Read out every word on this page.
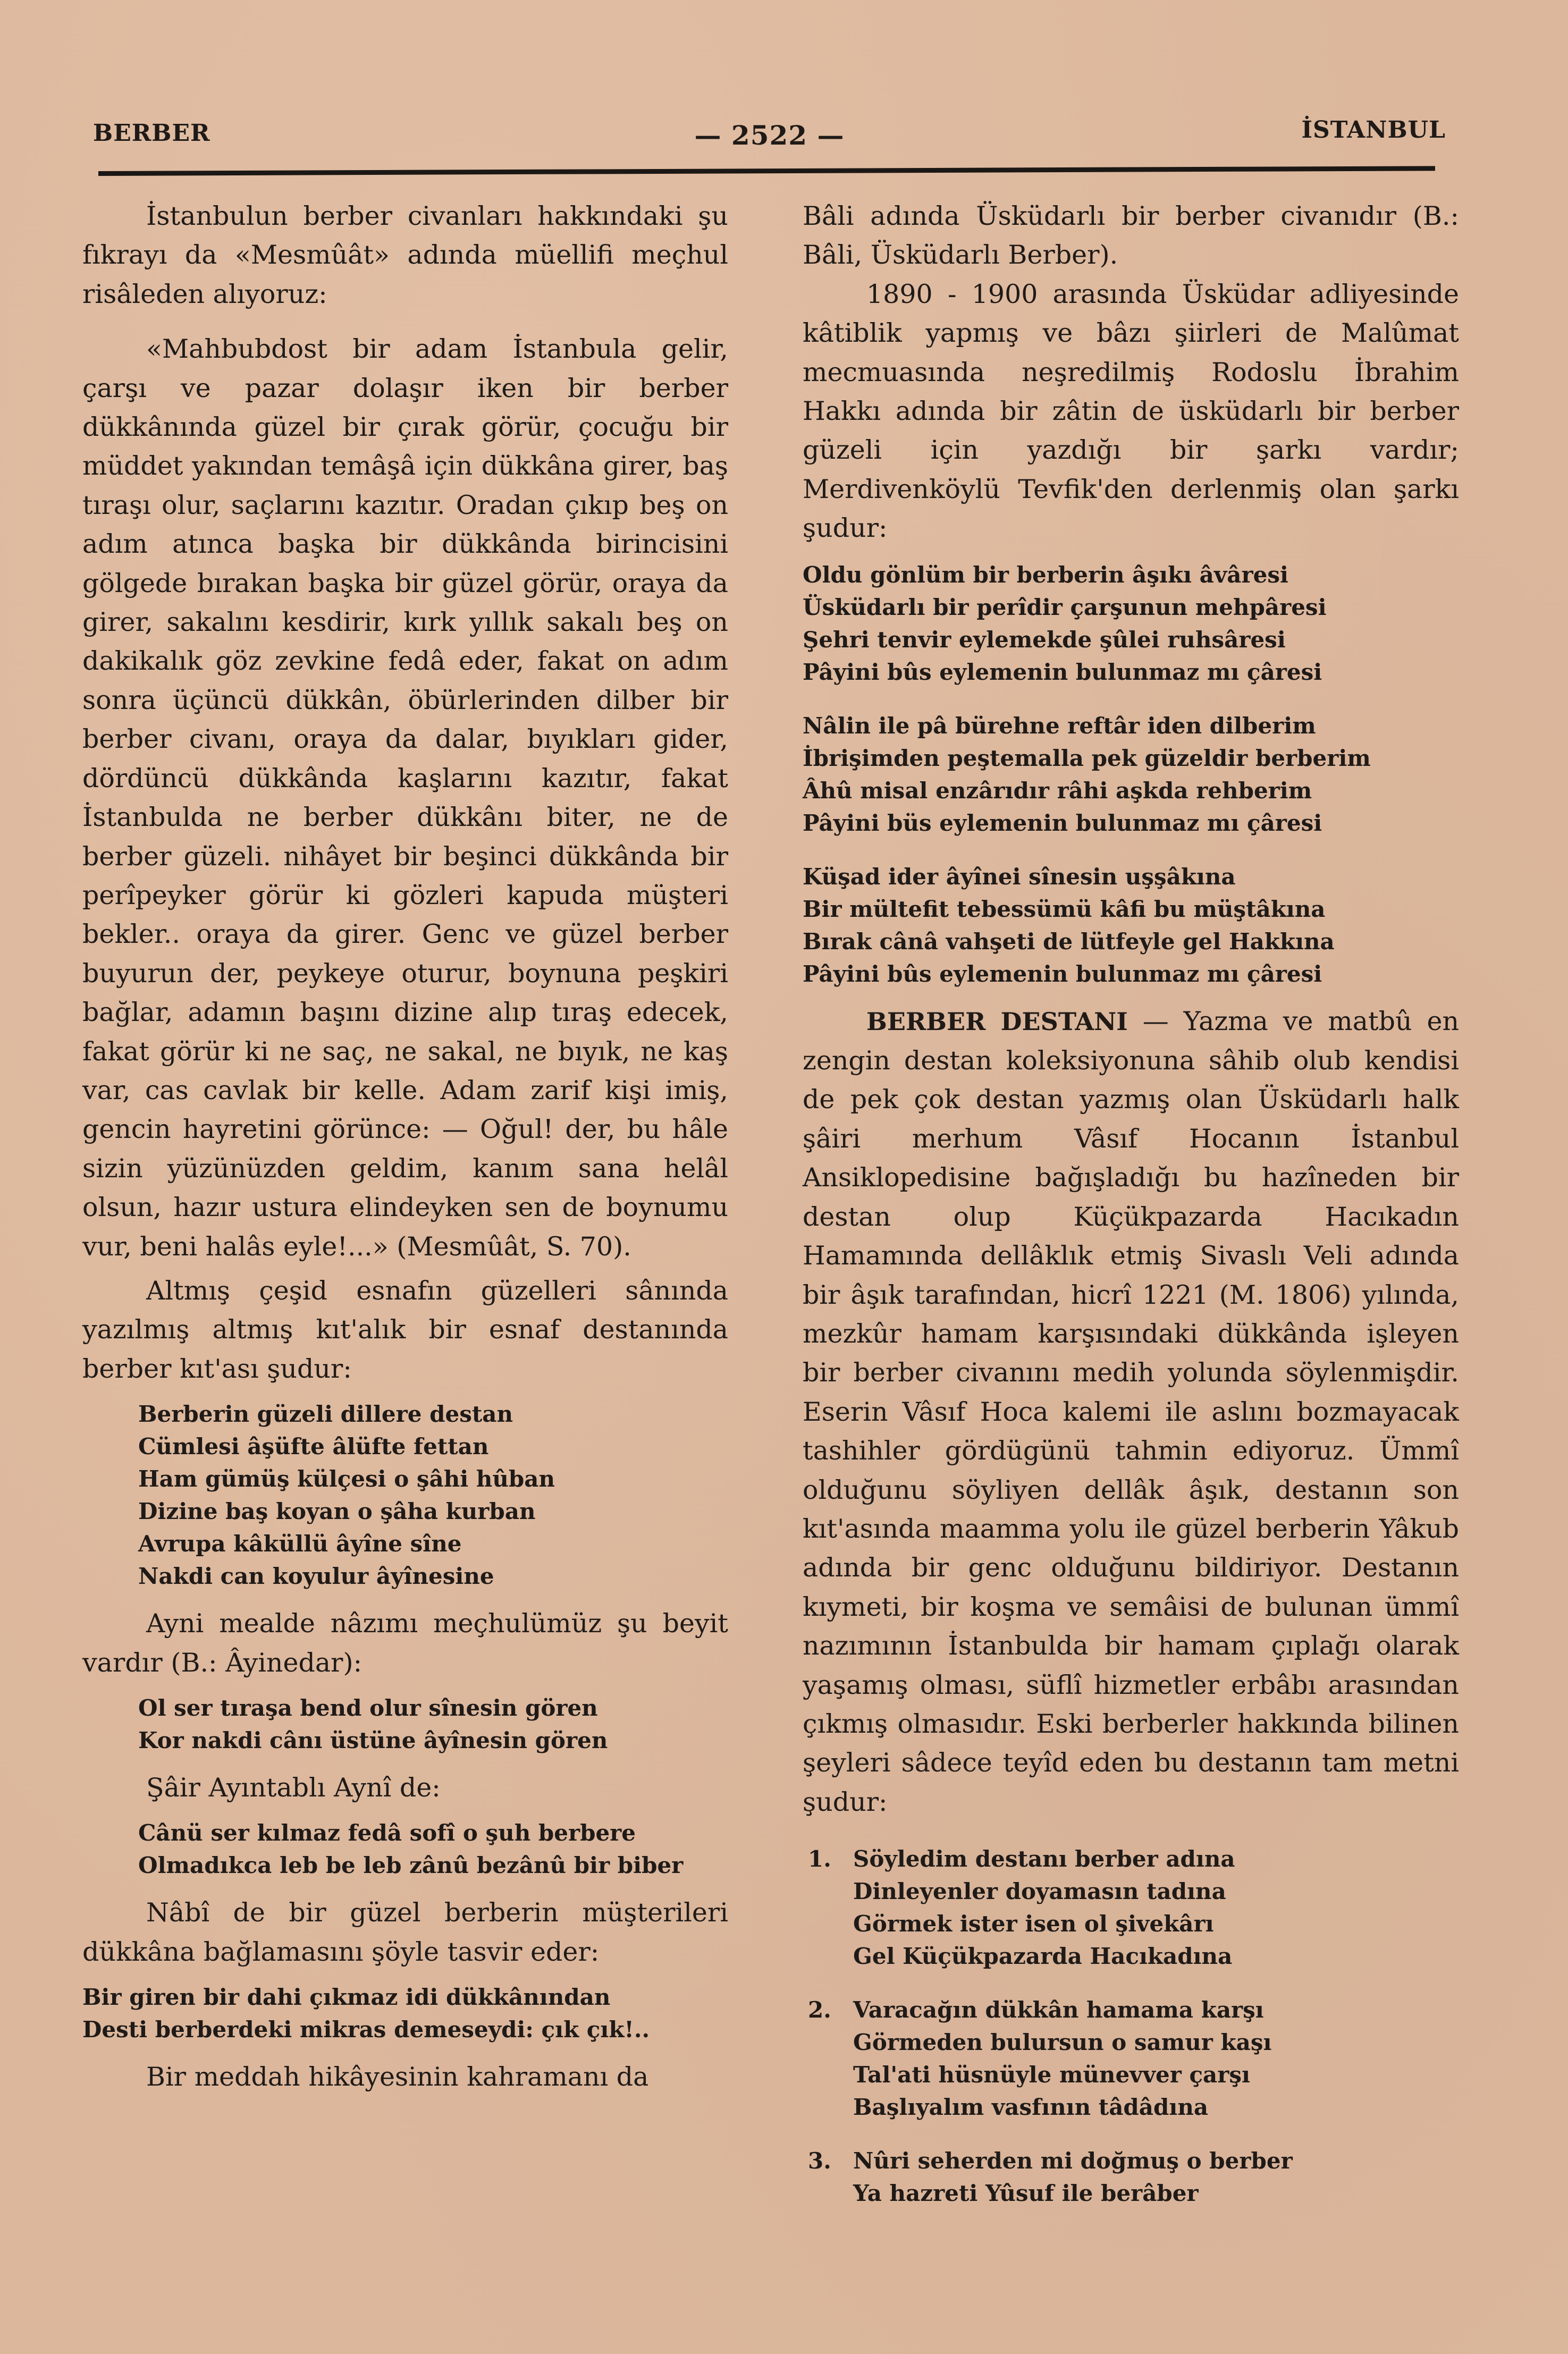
BERBER	— 2522 —	İSTANBUL

İstanbulun berber civanları hakkındaki şu fıkrayı da «Mesmûât» adında müellifi meçhul risâleden alıyoruz:

«Mahbubdost bir adam İstanbula gelir, çarşı ve pazar dolaşır iken bir berber dükkânında güzel bir çırak görür, çocuğu bir müddet yakından temâşâ için dükkâna girer, baş tıraşı olur, saçlarını kazıtır. Oradan çıkıp beş on adım atınca başka bir dükkânda birincisini gölgede bırakan başka bir güzel görür, oraya da girer, sakalını kesdirir, kırk yıllık sakalı beş on dakikalık göz zevkine fedâ eder, fakat on adım sonra üçüncü dükkân, öbürlerinden dilber bir berber civanı, oraya da dalar, bıyıkları gider, dördüncü dükkânda kaşlarını kazıtır, fakat İstanbulda ne berber dükkânı biter, ne de berber güzeli. nihâyet bir beşinci dükkânda bir perîpeyker görür ki gözleri kapuda müşteri bekler.. oraya da girer. Genc ve güzel berber buyurun der, peykeye oturur, boynuna peşkiri bağlar, adamın başını dizine alıp tıraş edecek, fakat görür ki ne saç, ne sakal, ne bıyık, ne kaş var, cas cavlak bir kelle. Adam zarif kişi imiş, gencin hayretini görünce: — Oğul! der, bu hâle sizin yüzünüzden geldim, kanım sana helâl olsun, hazır ustura elindeyken sen de boynumu vur, beni halâs eyle!...» (Mesmûât, S. 70).

Altmış çeşid esnafın güzelleri sânında yazılmış altmış kıt'alık bir esnaf destanında berber kıt'ası şudur:

Berberin güzeli dillere destan
Cümlesi âşüfte âlüfte fettan
Ham gümüş külçesi o şâhi hûban
Dizine baş koyan o şâha kurban
Avrupa kâküllü âyîne sîne
Nakdi can koyulur âyînesine

Ayni mealde nâzımı meçhulümüz şu beyit vardır (B.: Âyinedar):

Ol ser tıraşa bend olur sînesin gören
Kor nakdi cânı üstüne âyînesin gören

Şâir Ayıntablı Aynî de:

Cânü ser kılmaz fedâ sofî o şuh berbere
Olmadıkca leb be leb zânû bezânû bir biber

Nâbî de bir güzel berberin müşterileri dükkâna bağlamasını şöyle tasvir eder:

Bir giren bir dahi çıkmaz idi dükkânından
Desti berberdeki mikras demeseydi: çık çık!..

Bir meddah hikâyesinin kahramanı da

Bâli adında Üsküdarlı bir berber civanıdır (B.: Bâli, Üsküdarlı Berber).

1890 - 1900 arasında Üsküdar adliyesinde kâtiblik yapmış ve bâzı şiirleri de Malûmat mecmuasında neşredilmiş Rodoslu İbrahim Hakkı adında bir zâtin de üsküdarlı bir berber güzeli için yazdığı bir şarkı vardır; Merdivenköylü Tevfik'den derlenmiş olan şarkı şudur:

Oldu gönlüm bir berberin âşıkı âvâresi
Üsküdarlı bir perîdir çarşunun mehpâresi
Şehri tenvir eylemekde şûlei ruhsâresi
Pâyini bûs eylemenin bulunmaz mı çâresi
Nâlin ile pâ bürehne reftâr iden dilberim
İbrişimden peştemalla pek güzeldir berberim
Âhû misal enzârıdır râhi aşkda rehberim
Pâyini büs eylemenin bulunmaz mı çâresi
Küşad ider âyînei sînesin uşşâkına
Bir mültefit tebessümü kâfi bu müştâkına
Bırak cânâ vahşeti de lütfeyle gel Hakkına
Pâyini bûs eylemenin bulunmaz mı çâresi

BERBER DESTANI — Yazma ve matbû en zengin destan koleksiyonuna sâhib olub kendisi de pek çok destan yazmış olan Üsküdarlı halk şâiri merhum Vâsıf Hocanın İstanbul Ansiklopedisine bağışladığı bu hazîneden bir destan olup Küçükpazarda Hacıkadın Hamamında dellâklık etmiş Sivaslı Veli adında bir âşık tarafından, hicrî 1221 (M. 1806) yılında, mezkûr hamam karşısındaki dükkânda işleyen bir berber civanını medih yolunda söylenmişdir. Eserin Vâsıf Hoca kalemi ile aslını bozmayacak tashihler gördügünü tahmin ediyoruz. Ümmî olduğunu söyliyen dellâk âşık, destanın son kıt'asında maamma yolu ile güzel berberin Yâkub adında bir genc olduğunu bildiriyor. Destanın kıymeti, bir koşma ve semâisi de bulunan ümmî nazımının İstanbulda bir hamam çıplağı olarak yaşamış olması, süflî hizmetler erbâbı arasından çıkmış olmasıdır. Eski berberler hakkında bilinen şeyleri sâdece teyîd eden bu destanın tam metni şudur:

1. Söyledim destanı berber adına
Dinleyenler doyamasın tadına
Görmek ister isen ol şivekârı
Gel Küçükpazarda Hacıkadına
2. Varacağın dükkân hamama karşı
Görmeden bulursun o samur kaşı
Tal'ati hüsnüyle münevver çarşı
Başlıyalım vasfının tâdâdına
3. Nûri seherden mi doğmuş o berber
Ya hazreti Yûsuf ile berâber
